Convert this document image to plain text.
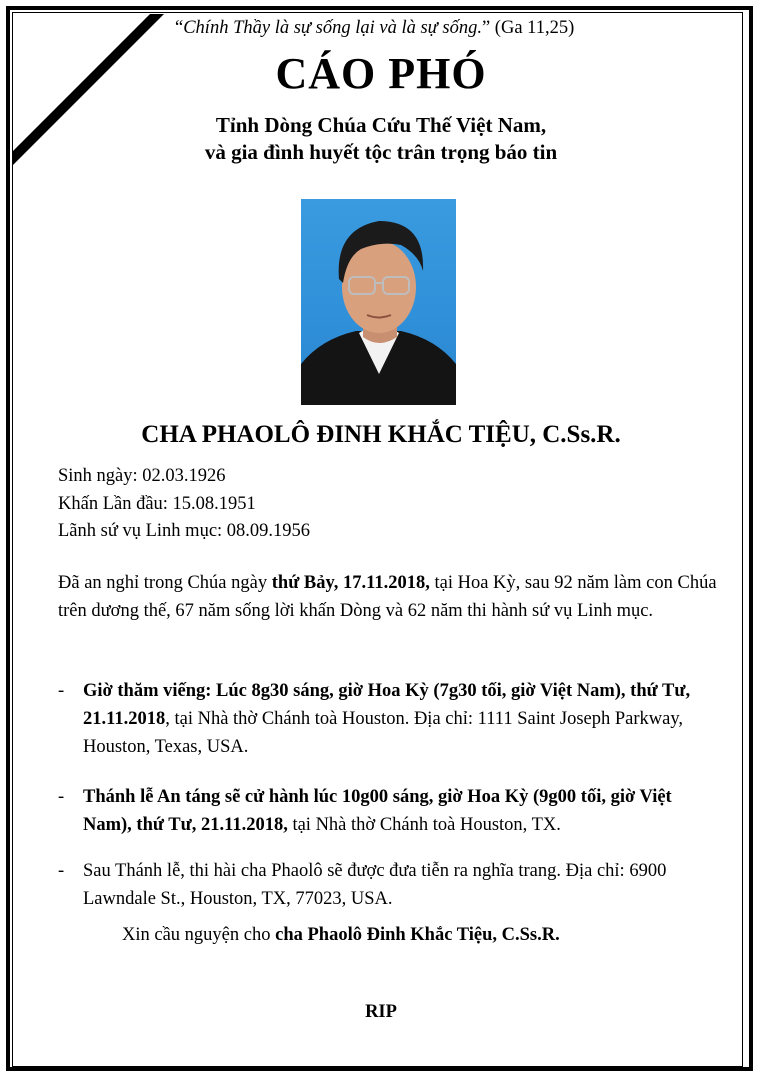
“Chính Thầy là sự sống lại và là sự sống.” (Ga 11,25)
CÁO PHÓ
Tỉnh Dòng Chúa Cứu Thế Việt Nam,
và gia đình huyết tộc trân trọng báo tin
CHA PHAOLÔ ĐINH KHẮC TIỆU, C.Ss.R.
Sinh ngày: 02.03.1926
Khấn Lần đầu: 15.08.1951
Lãnh sứ vụ Linh mục: 08.09.1956
Đã an nghỉ trong Chúa ngày thứ Bảy, 17.11.2018, tại Hoa Kỳ, sau 92 năm làm con Chúa trên dương thế, 67 năm sống lời khấn Dòng và 62 năm thi hành sứ vụ Linh mục.
- Giờ thăm viếng: Lúc 8g30 sáng, giờ Hoa Kỳ (7g30 tối, giờ Việt Nam), thứ Tư, 21.11.2018, tại Nhà thờ Chánh toà Houston. Địa chỉ: 1111 Saint Joseph Parkway, Houston, Texas, USA.
- Thánh lễ An táng sẽ cử hành lúc 10g00 sáng, giờ Hoa Kỳ (9g00 tối, giờ Việt Nam), thứ Tư, 21.11.2018, tại Nhà thờ Chánh toà Houston, TX.
- Sau Thánh lễ, thi hài cha Phaolô sẽ được đưa tiễn ra nghĩa trang. Địa chỉ: 6900 Lawndale St., Houston, TX, 77023, USA.
Xin cầu nguyện cho cha Phaolô Đinh Khắc Tiệu, C.Ss.R.
RIP
